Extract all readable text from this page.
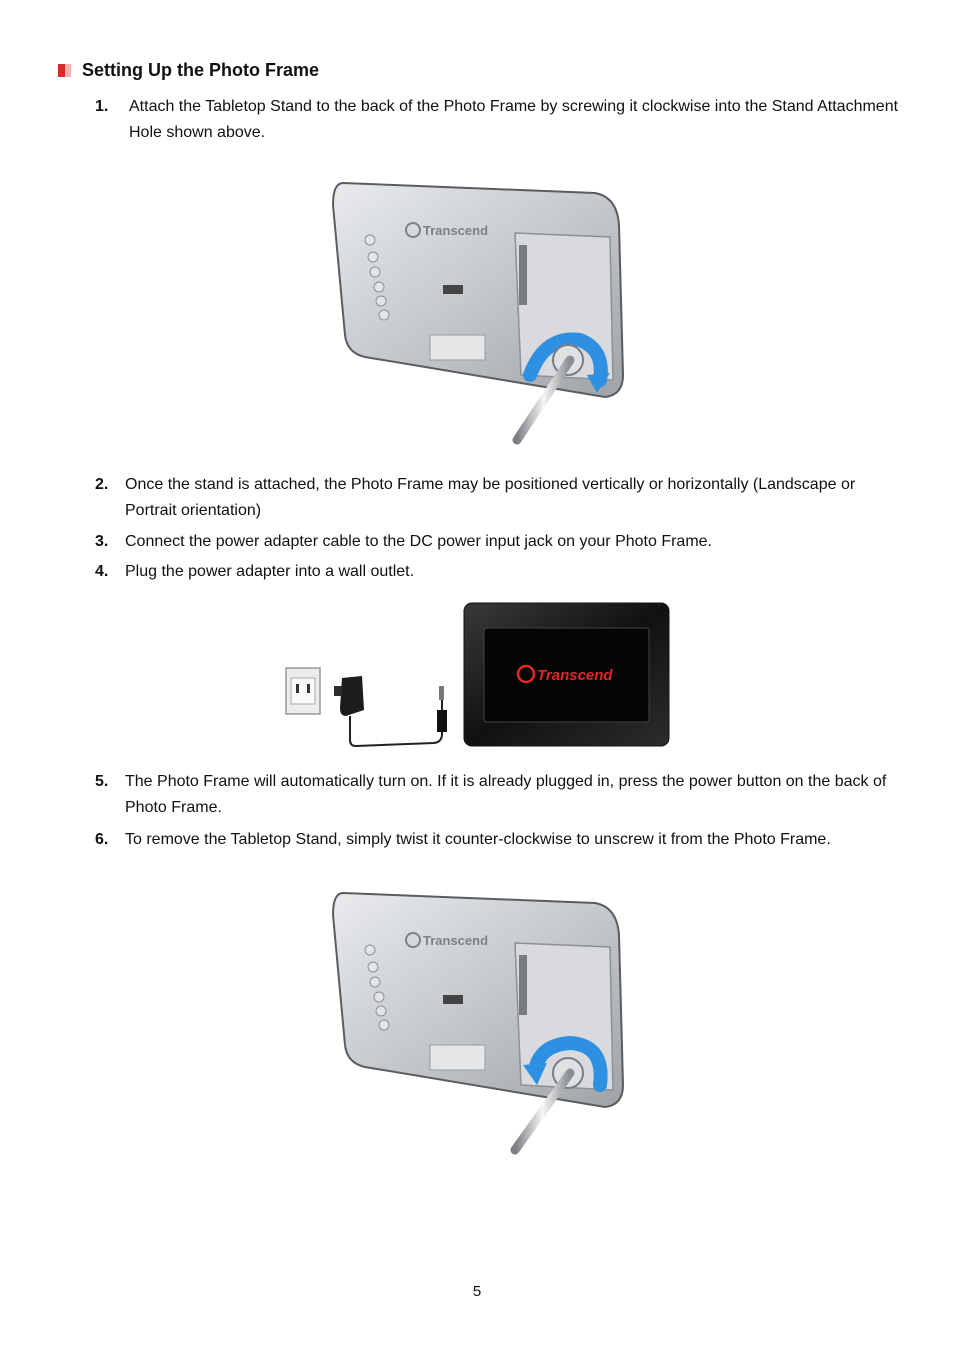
Setting Up the Photo Frame
1.	Attach the Tabletop Stand to the back of the Photo Frame by screwing it clockwise into the Stand Attachment Hole shown above.
Transcend
2.	Once the stand is attached, the Photo Frame may be positioned vertically or horizontally (Landscape or Portrait orientation)
3.	Connect the power adapter cable to the DC power input jack on your Photo Frame.
4.	Plug the power adapter into a wall outlet.
Transcend
5.	The Photo Frame will automatically turn on. If it is already plugged in, press the power button on the back of Photo Frame.
6.	To remove the Tabletop Stand, simply twist it counter-clockwise to unscrew it from the Photo Frame.
Transcend
5
